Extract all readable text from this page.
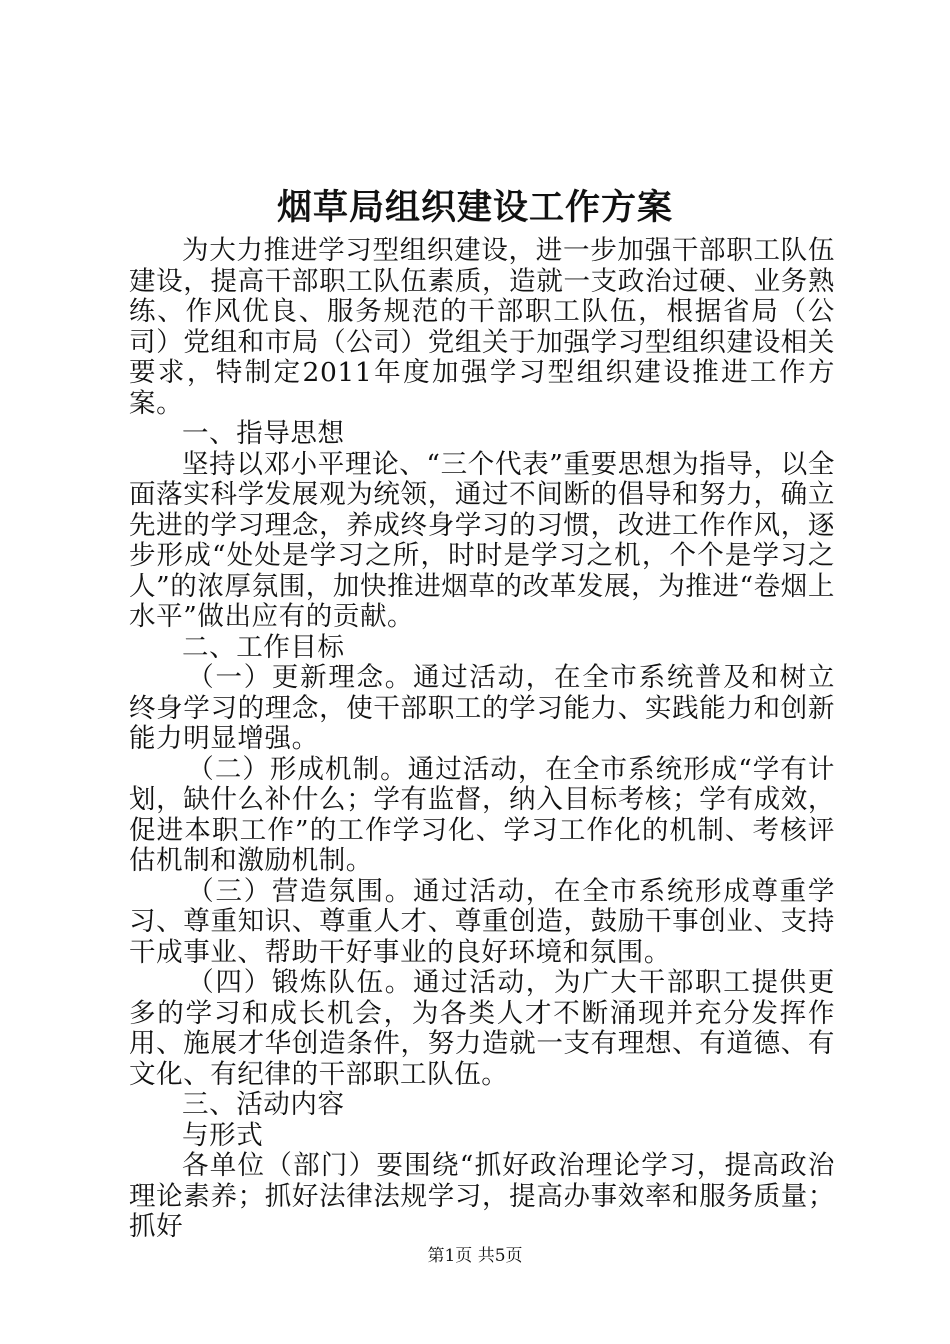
烟草局组织建设工作方案

为大力推进学习型组织建设，进一步加强干部职工队伍建设，提高干部职工队伍素质，造就一支政治过硬、业务熟练、作风优良、服务规范的干部职工队伍，根据省局（公司）党组和市局（公司）党组关于加强学习型组织建设相关要求，特制定2011年度加强学习型组织建设推进工作方案。

一、指导思想

坚持以邓小平理论、“三个代表”重要思想为指导，以全面落实科学发展观为统领，通过不间断的倡导和努力，确立先进的学习理念，养成终身学习的习惯，改进工作作风，逐步形成“处处是学习之所，时时是学习之机，个个是学习之人”的浓厚氛围，加快推进烟草的改革发展，为推进“卷烟上水平”做出应有的贡献。

二、工作目标

（一）更新理念。通过活动，在全市系统普及和树立终身学习的理念，使干部职工的学习能力、实践能力和创新能力明显增强。

（二）形成机制。通过活动，在全市系统形成“学有计划，缺什么补什么；学有监督，纳入目标考核；学有成效，促进本职工作”的工作学习化、学习工作化的机制、考核评估机制和激励机制。

（三）营造氛围。通过活动，在全市系统形成尊重学习、尊重知识、尊重人才、尊重创造，鼓励干事创业、支持干成事业、帮助干好事业的良好环境和氛围。

（四）锻炼队伍。通过活动，为广大干部职工提供更多的学习和成长机会，为各类人才不断涌现并充分发挥作用、施展才华创造条件，努力造就一支有理想、有道德、有文化、有纪律的干部职工队伍。

三、活动内容

与形式

各单位（部门）要围绕“抓好政治理论学习，提高政治理论素养；抓好法律法规学习，提高办事效率和服务质量；抓好

第1页 共5页
